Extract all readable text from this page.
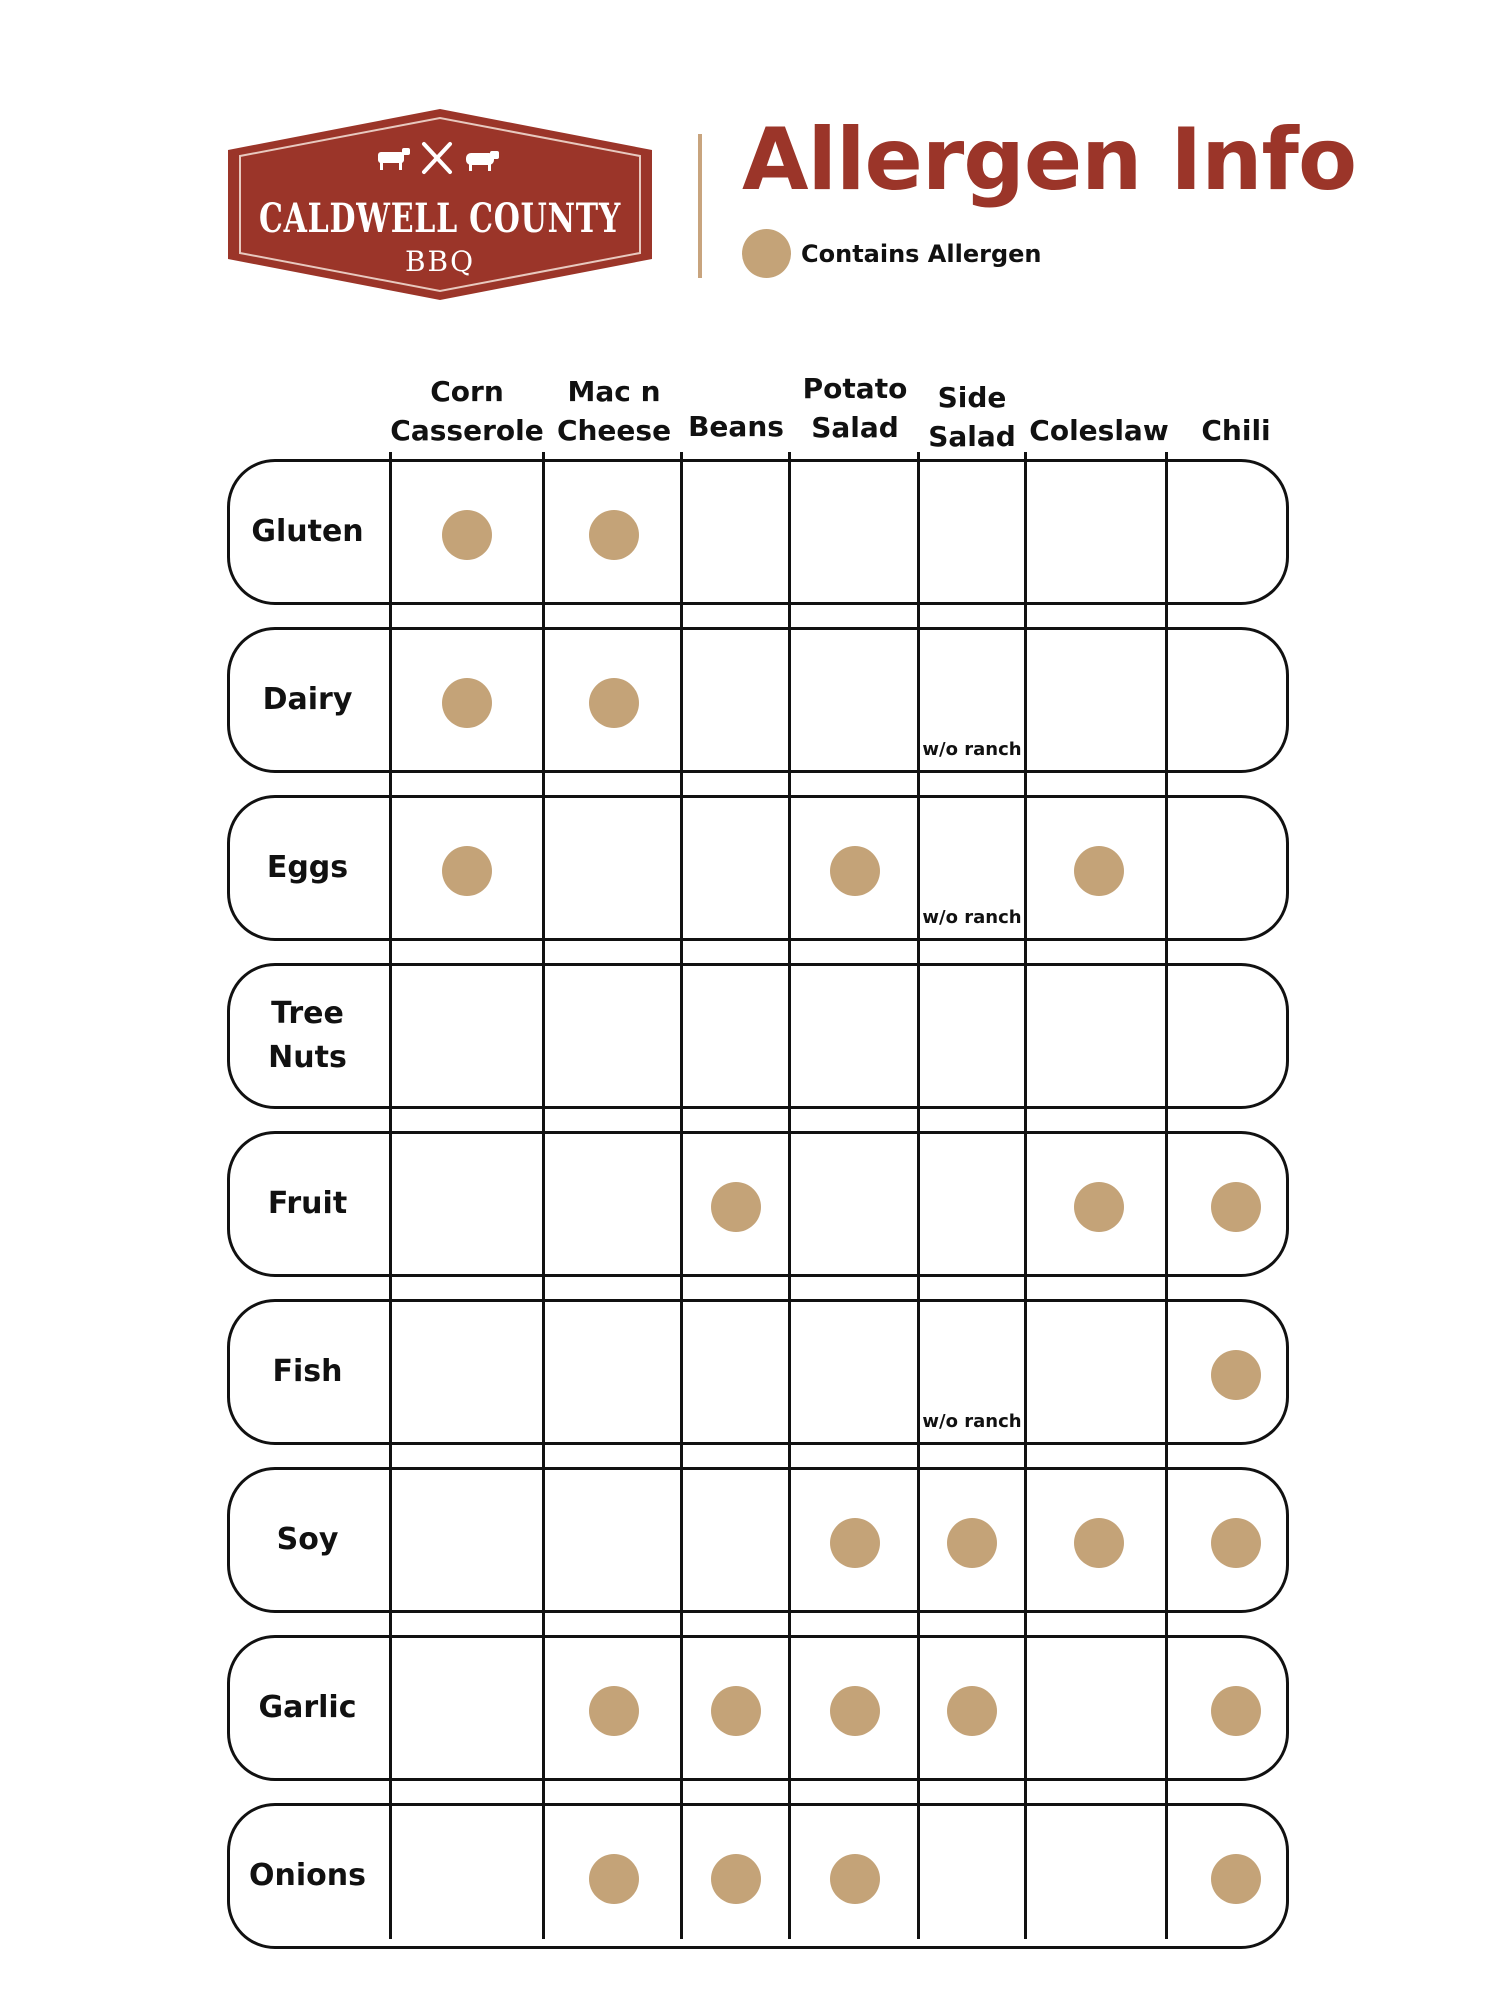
CALDWELL COUNTY
BBQ
Allergen Info
Contains Allergen
Corn
Casserole
Mac n
Cheese Beans
Potato
Salad
Side
Salad Coleslaw Chili
Gluten
Dairy
w/o ranch
Eggs
w/o ranch
Tree
Nuts
Fruit
Fish
w/o ranch
Soy
Garlic
Onions
